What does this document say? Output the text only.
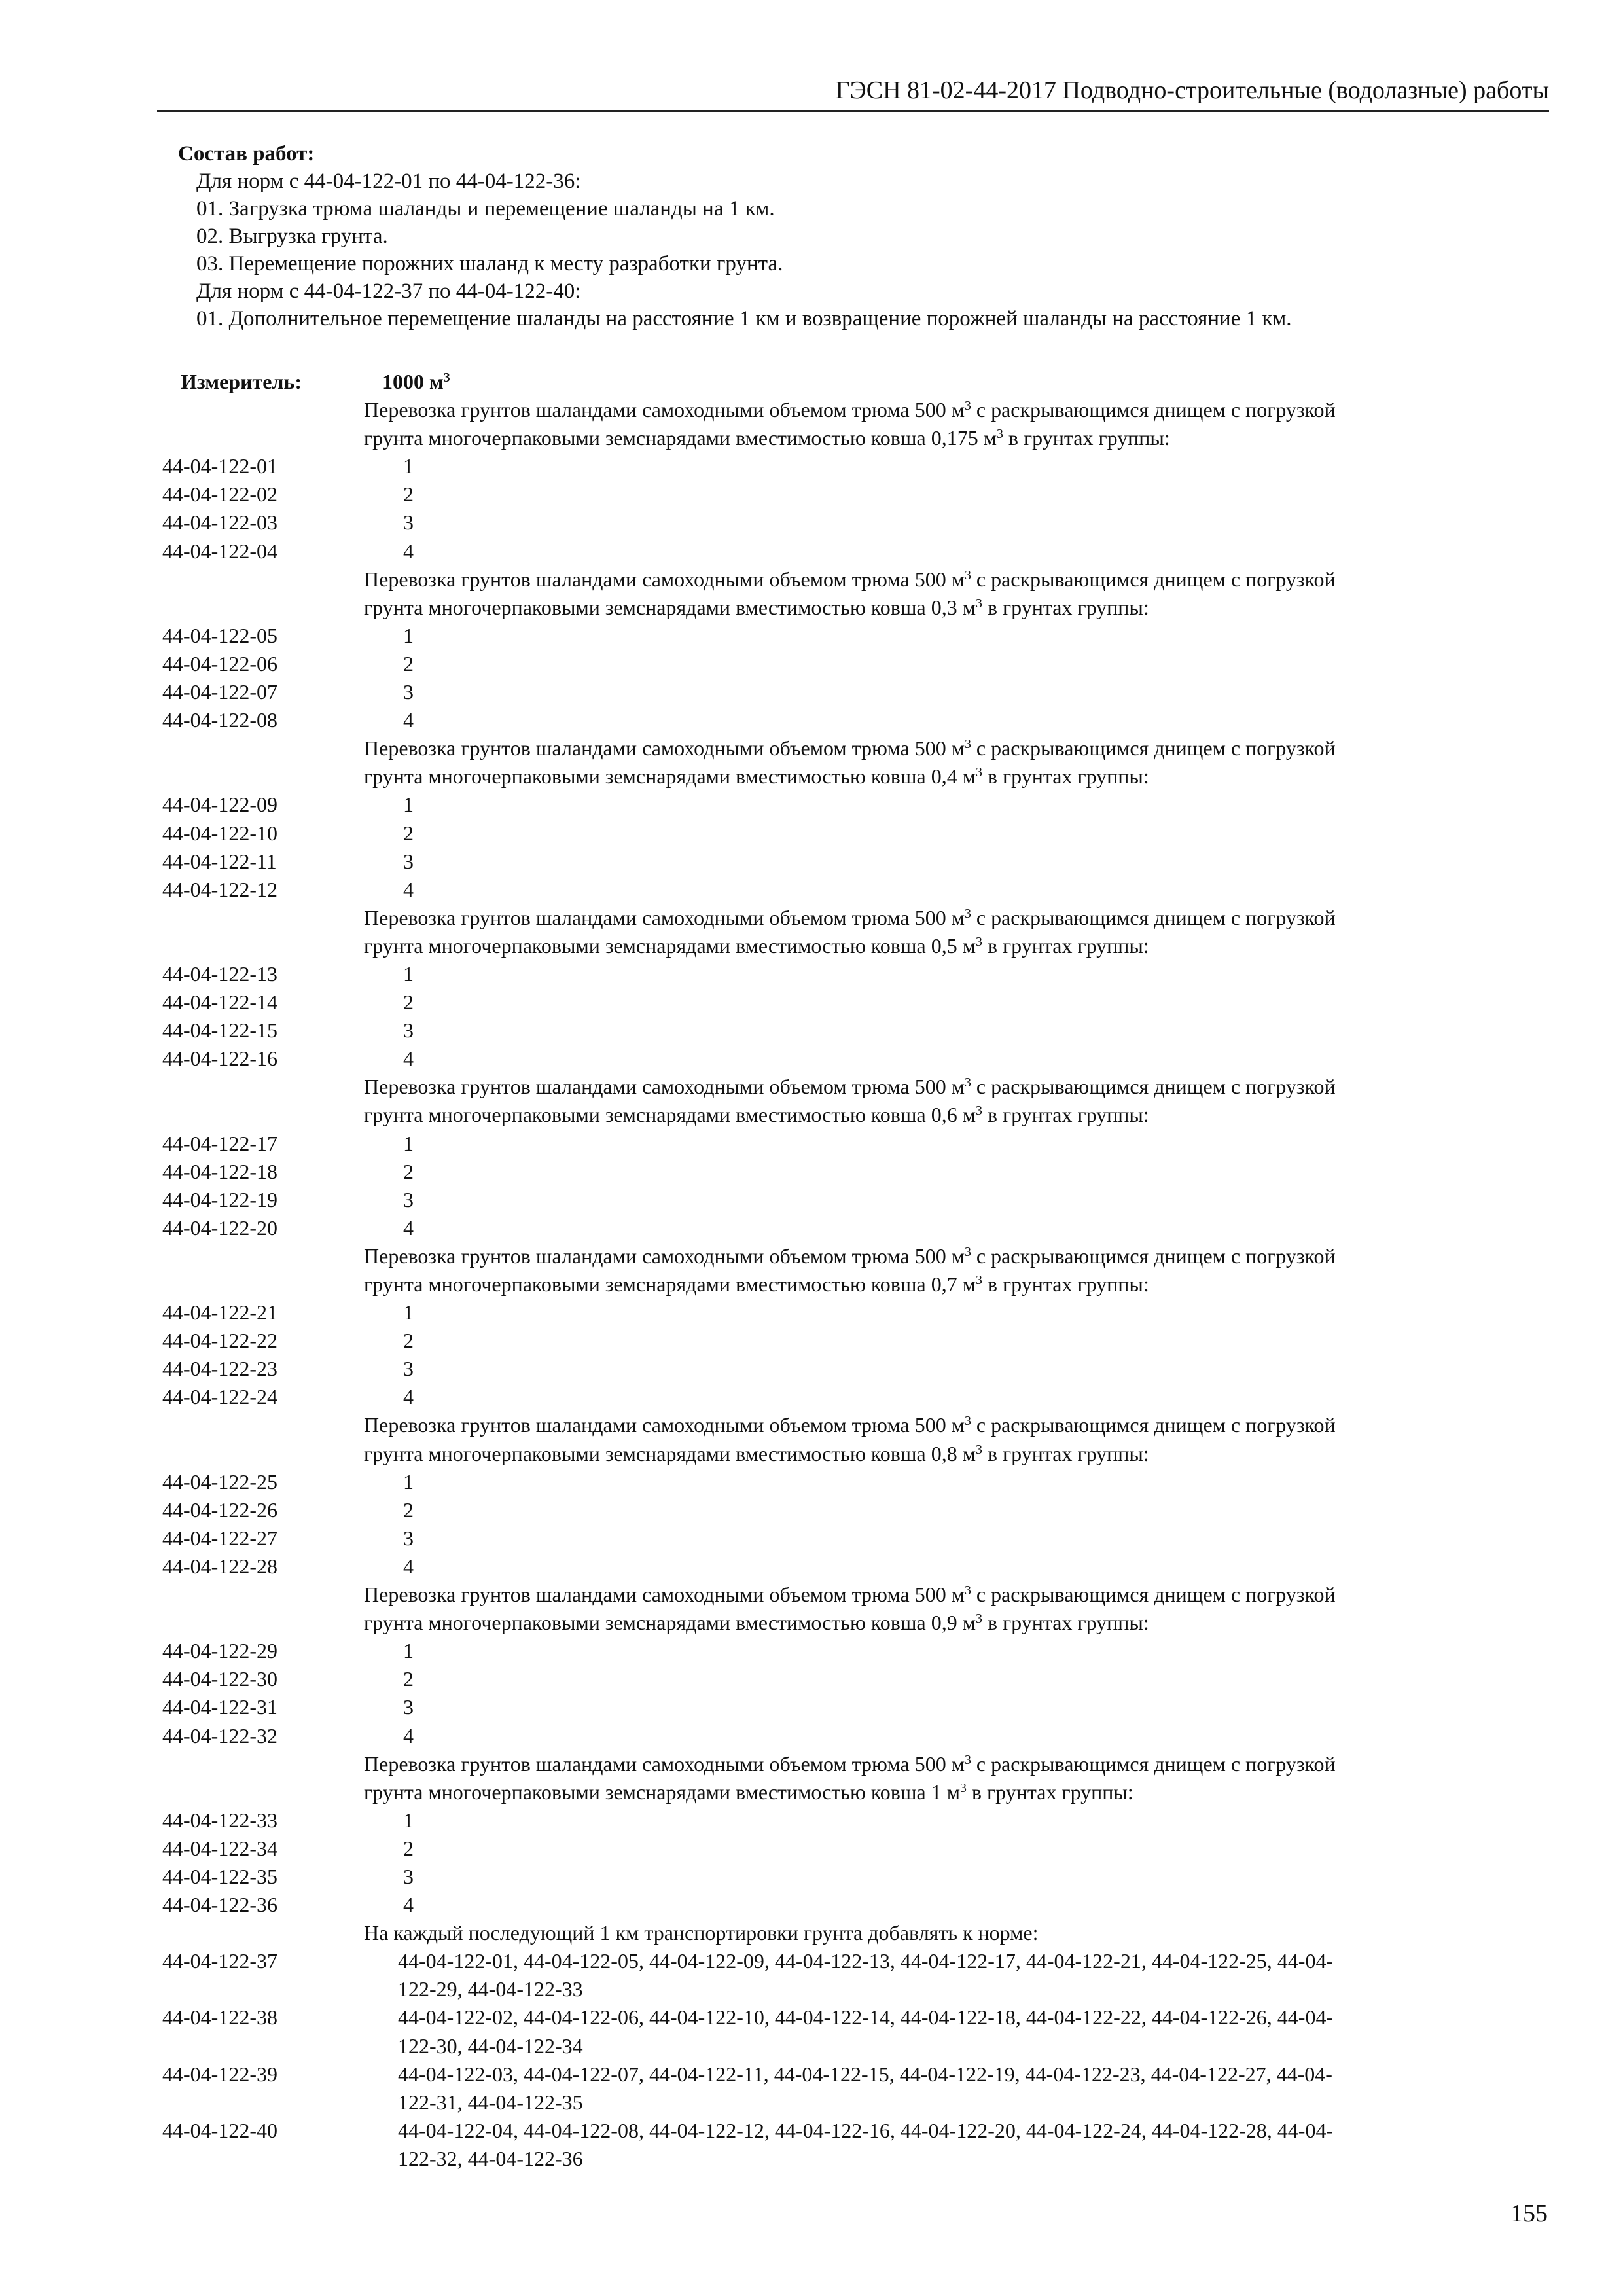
ГЭСН 81-02-44-2017 Подводно-строительные (водолазные) работы
Состав работ:
Для норм с 44-04-122-01 по 44-04-122-36:
01. Загрузка трюма шаланды и перемещение шаланды на 1 км.
02. Выгрузка грунта.
03. Перемещение порожних шаланд к месту разработки грунта.
Для норм с 44-04-122-37 по 44-04-122-40:
01. Дополнительное перемещение шаланды на расстояние 1 км и возвращение порожней шаланды на расстояние 1 км.
Измеритель:	1000 $м^3$
Перевозка грунтов шаландами самоходными объемом трюма 500 $м^3$ с раскрывающимся днищем с погрузкой
грунта многочерпаковыми земснарядами вместимостью ковша 0,175 $м^3$ в грунтах группы:
44-04-122-01	1
44-04-122-02	2
44-04-122-03	3
44-04-122-04	4
Перевозка грунтов шаландами самоходными объемом трюма 500 $м^3$ с раскрывающимся днищем с погрузкой
грунта многочерпаковыми земснарядами вместимостью ковша 0,3 $м^3$ в грунтах группы:
44-04-122-05	1
44-04-122-06	2
44-04-122-07	3
44-04-122-08	4
Перевозка грунтов шаландами самоходными объемом трюма 500 $м^3$ с раскрывающимся днищем с погрузкой
грунта многочерпаковыми земснарядами вместимостью ковша 0,4 $м^3$ в грунтах группы:
44-04-122-09	1
44-04-122-10	2
44-04-122-11	3
44-04-122-12	4
Перевозка грунтов шаландами самоходными объемом трюма 500 $м^3$ с раскрывающимся днищем с погрузкой
грунта многочерпаковыми земснарядами вместимостью ковша 0,5 $м^3$ в грунтах группы:
44-04-122-13	1
44-04-122-14	2
44-04-122-15	3
44-04-122-16	4
Перевозка грунтов шаландами самоходными объемом трюма 500 $м^3$ с раскрывающимся днищем с погрузкой
грунта многочерпаковыми земснарядами вместимостью ковша 0,6 $м^3$ в грунтах группы:
44-04-122-17	1
44-04-122-18	2
44-04-122-19	3
44-04-122-20	4
Перевозка грунтов шаландами самоходными объемом трюма 500 $м^3$ с раскрывающимся днищем с погрузкой
грунта многочерпаковыми земснарядами вместимостью ковша 0,7 $м^3$ в грунтах группы:
44-04-122-21	1
44-04-122-22	2
44-04-122-23	3
44-04-122-24	4
Перевозка грунтов шаландами самоходными объемом трюма 500 $м^3$ с раскрывающимся днищем с погрузкой
грунта многочерпаковыми земснарядами вместимостью ковша 0,8 $м^3$ в грунтах группы:
44-04-122-25	1
44-04-122-26	2
44-04-122-27	3
44-04-122-28	4
Перевозка грунтов шаландами самоходными объемом трюма 500 $м^3$ с раскрывающимся днищем с погрузкой
грунта многочерпаковыми земснарядами вместимостью ковша 0,9 $м^3$ в грунтах группы:
44-04-122-29	1
44-04-122-30	2
44-04-122-31	3
44-04-122-32	4
Перевозка грунтов шаландами самоходными объемом трюма 500 $м^3$ с раскрывающимся днищем с погрузкой
грунта многочерпаковыми земснарядами вместимостью ковша 1 $м^3$ в грунтах группы:
44-04-122-33	1
44-04-122-34	2
44-04-122-35	3
44-04-122-36	4
На каждый последующий 1 км транспортировки грунта добавлять к норме:
44-04-122-37	44-04-122-01, 44-04-122-05, 44-04-122-09, 44-04-122-13, 44-04-122-17, 44-04-122-21, 44-04-122-25, 44-04-
122-29, 44-04-122-33
44-04-122-38	44-04-122-02, 44-04-122-06, 44-04-122-10, 44-04-122-14, 44-04-122-18, 44-04-122-22, 44-04-122-26, 44-04-
122-30, 44-04-122-34
44-04-122-39	44-04-122-03, 44-04-122-07, 44-04-122-11, 44-04-122-15, 44-04-122-19, 44-04-122-23, 44-04-122-27, 44-04-
122-31, 44-04-122-35
44-04-122-40	44-04-122-04, 44-04-122-08, 44-04-122-12, 44-04-122-16, 44-04-122-20, 44-04-122-24, 44-04-122-28, 44-04-
122-32, 44-04-122-36
155
